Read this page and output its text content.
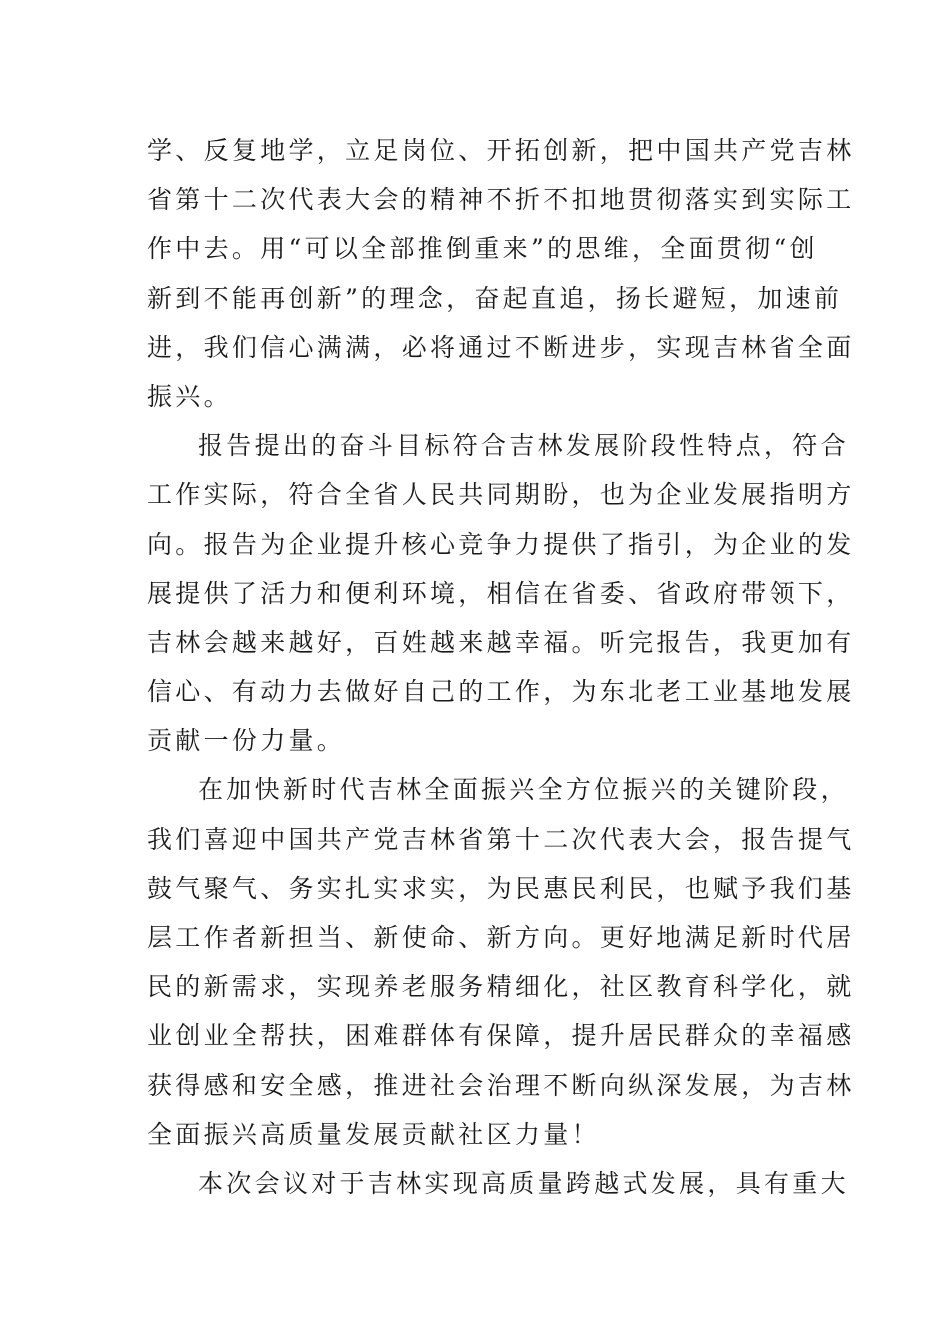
学、反复地学，立足岗位、开拓创新，把中国共产党吉林
省第十二次代表大会的精神不折不扣地贯彻落实到实际工
作中去。用“可以全部推倒重来”的思维，全面贯彻“创
新到不能再创新”的理念，奋起直追，扬长避短，加速前
进，我们信心满满，必将通过不断进步，实现吉林省全面
振兴。
报告提出的奋斗目标符合吉林发展阶段性特点，符合
工作实际，符合全省人民共同期盼，也为企业发展指明方
向。报告为企业提升核心竞争力提供了指引，为企业的发
展提供了活力和便利环境，相信在省委、省政府带领下，
吉林会越来越好，百姓越来越幸福。听完报告，我更加有
信心、有动力去做好自己的工作，为东北老工业基地发展
贡献一份力量。
在加快新时代吉林全面振兴全方位振兴的关键阶段，
我们喜迎中国共产党吉林省第十二次代表大会，报告提气
鼓气聚气、务实扎实求实，为民惠民利民，也赋予我们基
层工作者新担当、新使命、新方向。更好地满足新时代居
民的新需求，实现养老服务精细化，社区教育科学化，就
业创业全帮扶，困难群体有保障，提升居民群众的幸福感
获得感和安全感，推进社会治理不断向纵深发展，为吉林
全面振兴高质量发展贡献社区力量！
本次会议对于吉林实现高质量跨越式发展，具有重大
